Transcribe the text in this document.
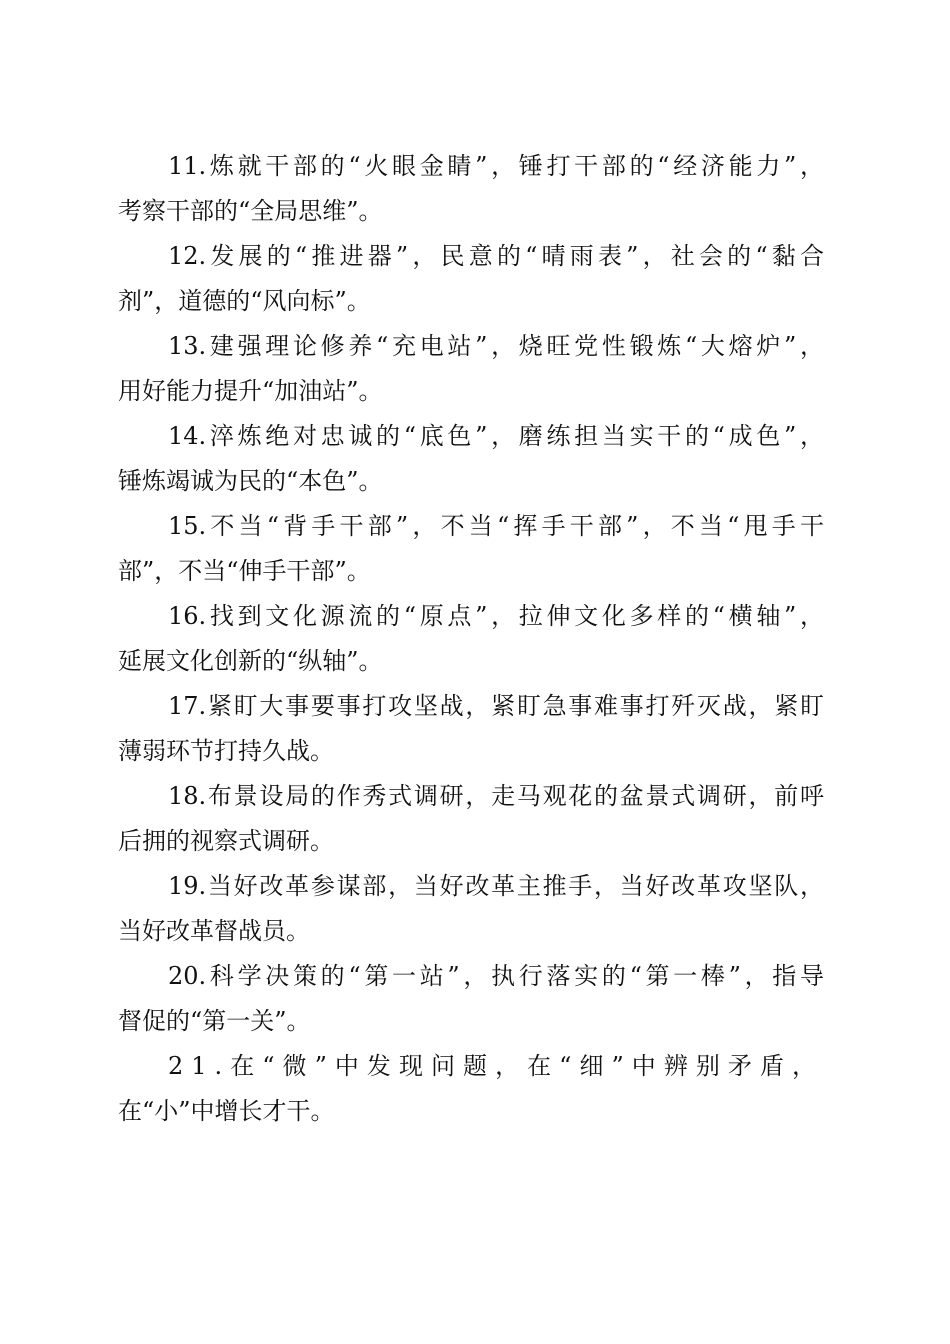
11.炼就干部的“火眼金睛”，锤打干部的“经济能力”，
考察干部的“全局思维”。
12.发展的“推进器”，民意的“晴雨表”，社会的“黏合
剂”，道德的“风向标”。
13.建强理论修养“充电站”，烧旺党性锻炼“大熔炉”，
用好能力提升“加油站”。
14.淬炼绝对忠诚的“底色”，磨练担当实干的“成色”，
锤炼竭诚为民的“本色”。
15.不当“背手干部”，不当“挥手干部”，不当“甩手干
部”，不当“伸手干部”。
16.找到文化源流的“原点”，拉伸文化多样的“横轴”，
延展文化创新的“纵轴”。
17.紧盯大事要事打攻坚战，紧盯急事难事打歼灭战，紧盯
薄弱环节打持久战。
18.布景设局的作秀式调研，走马观花的盆景式调研，前呼
后拥的视察式调研。
19.当好改革参谋部，当好改革主推手，当好改革攻坚队，
当好改革督战员。
20.科学决策的“第一站”，执行落实的“第一棒”，指导
督促的“第一关”。
21.在“微”中发现问题，在“细”中辨别矛盾，
在“小”中增长才干。
